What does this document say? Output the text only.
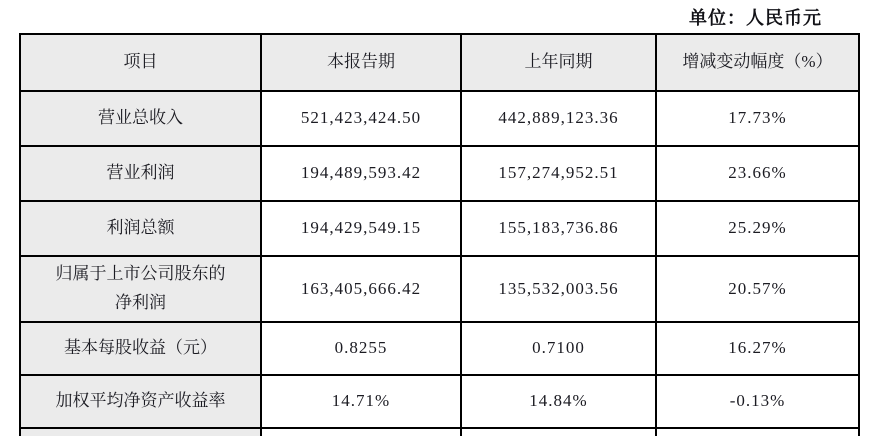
单位：人民币元
项目	本报告期	上年同期	增减变动幅度（%）
营业总收入	521,423,424.50	442,889,123.36	17.73%
营业利润	194,489,593.42	157,274,952.51	23.66%
利润总额	194,429,549.15	155,183,736.86	25.29%
归属于上市公司股东的净利润	163,405,666.42	135,532,003.56	20.57%
基本每股收益（元）	0.8255	0.7100	16.27%
加权平均净资产收益率	14.71%	14.84%	-0.13%
